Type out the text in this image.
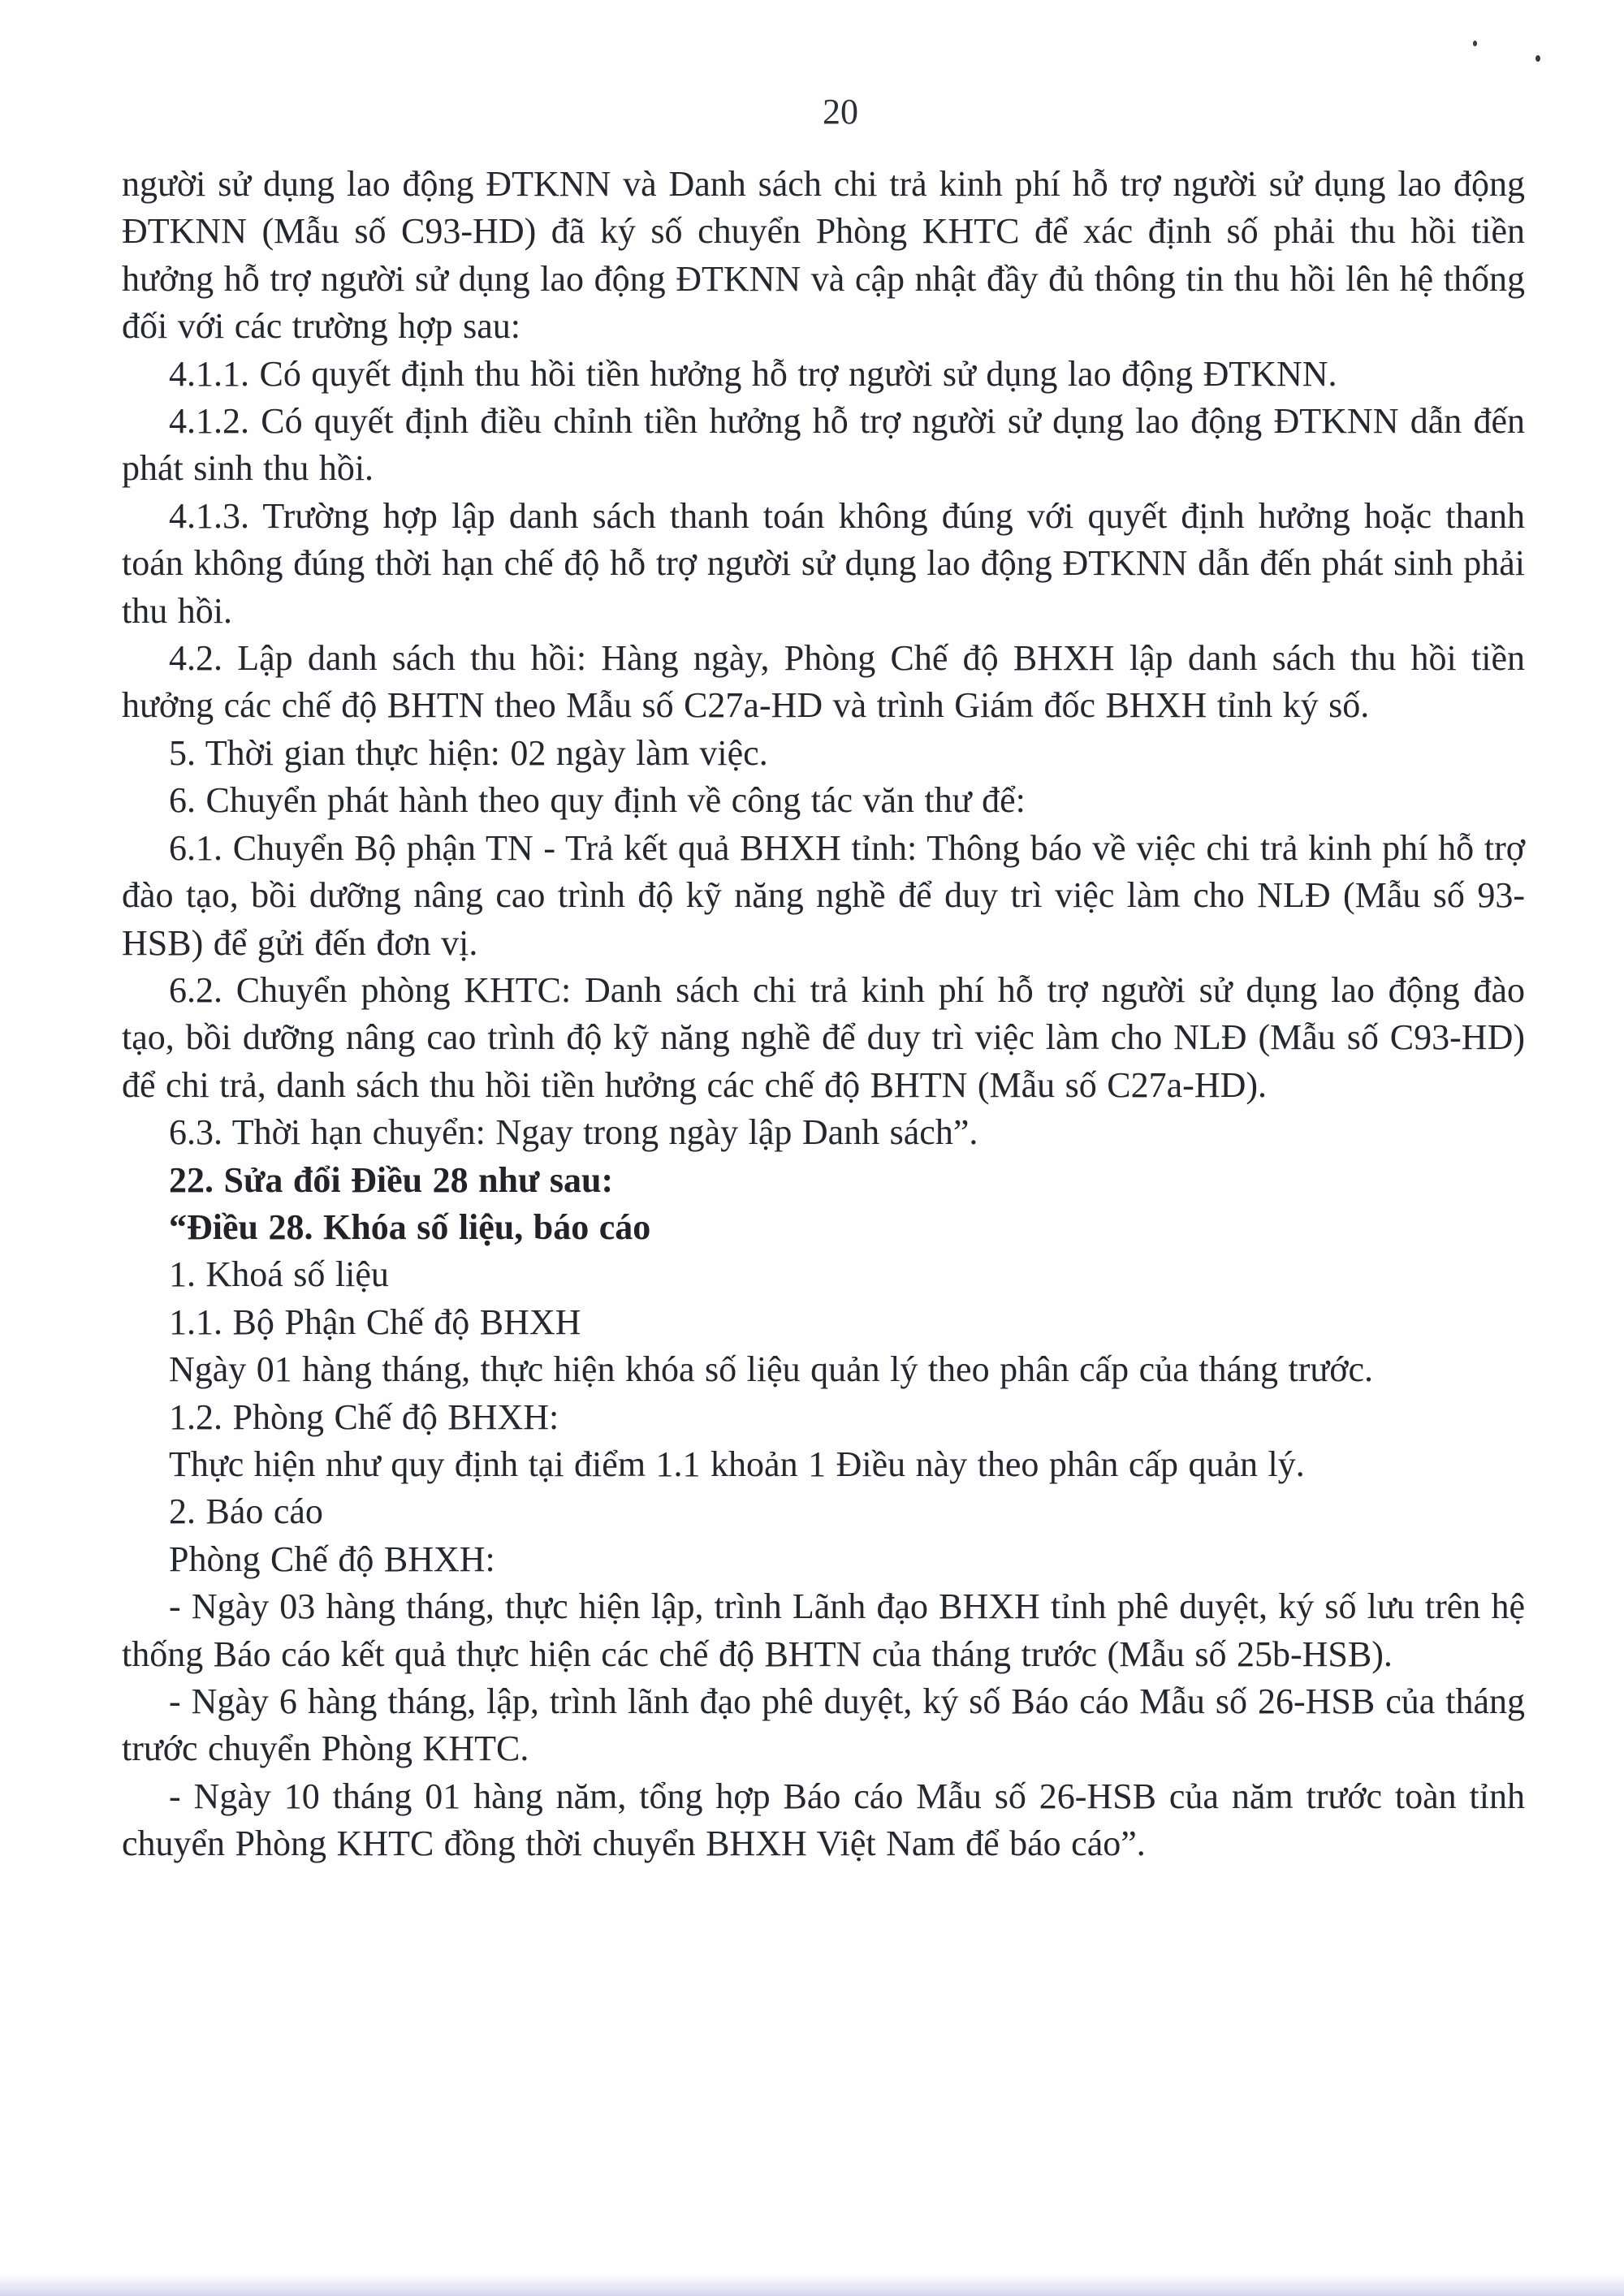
20

người sử dụng lao động ĐTKNN và Danh sách chi trả kinh phí hỗ trợ người sử dụng lao động ĐTKNN (Mẫu số C93-HD) đã ký số chuyển Phòng KHTC để xác định số phải thu hồi tiền hưởng hỗ trợ người sử dụng lao động ĐTKNN và cập nhật đầy đủ thông tin thu hồi lên hệ thống đối với các trường hợp sau:

4.1.1. Có quyết định thu hồi tiền hưởng hỗ trợ người sử dụng lao động ĐTKNN.

4.1.2. Có quyết định điều chỉnh tiền hưởng hỗ trợ người sử dụng lao động ĐTKNN dẫn đến phát sinh thu hồi.

4.1.3. Trường hợp lập danh sách thanh toán không đúng với quyết định hưởng hoặc thanh toán không đúng thời hạn chế độ hỗ trợ người sử dụng lao động ĐTKNN dẫn đến phát sinh phải thu hồi.

4.2. Lập danh sách thu hồi: Hàng ngày, Phòng Chế độ BHXH lập danh sách thu hồi tiền hưởng các chế độ BHTN theo Mẫu số C27a-HD và trình Giám đốc BHXH tỉnh ký số.

5. Thời gian thực hiện: 02 ngày làm việc.

6. Chuyển phát hành theo quy định về công tác văn thư để:

6.1. Chuyển Bộ phận TN - Trả kết quả BHXH tỉnh: Thông báo về việc chi trả kinh phí hỗ trợ đào tạo, bồi dưỡng nâng cao trình độ kỹ năng nghề để duy trì việc làm cho NLĐ (Mẫu số 93-HSB) để gửi đến đơn vị.

6.2. Chuyển phòng KHTC: Danh sách chi trả kinh phí hỗ trợ người sử dụng lao động đào tạo, bồi dưỡng nâng cao trình độ kỹ năng nghề để duy trì việc làm cho NLĐ (Mẫu số C93-HD) để chi trả, danh sách thu hồi tiền hưởng các chế độ BHTN (Mẫu số C27a-HD).

6.3. Thời hạn chuyển: Ngay trong ngày lập Danh sách”.

22. Sửa đổi Điều 28 như sau:

“Điều 28. Khóa số liệu, báo cáo

1. Khoá số liệu

1.1. Bộ Phận Chế độ BHXH

Ngày 01 hàng tháng, thực hiện khóa số liệu quản lý theo phân cấp của tháng trước.

1.2. Phòng Chế độ BHXH:

Thực hiện như quy định tại điểm 1.1 khoản 1 Điều này theo phân cấp quản lý.

2. Báo cáo

Phòng Chế độ BHXH:

- Ngày 03 hàng tháng, thực hiện lập, trình Lãnh đạo BHXH tỉnh phê duyệt, ký số lưu trên hệ thống Báo cáo kết quả thực hiện các chế độ BHTN của tháng trước (Mẫu số 25b-HSB).

- Ngày 6 hàng tháng, lập, trình lãnh đạo phê duyệt, ký số Báo cáo Mẫu số 26-HSB của tháng trước chuyển Phòng KHTC.

- Ngày 10 tháng 01 hàng năm, tổng hợp Báo cáo Mẫu số 26-HSB của năm trước toàn tỉnh chuyển Phòng KHTC đồng thời chuyển BHXH Việt Nam để báo cáo”.
